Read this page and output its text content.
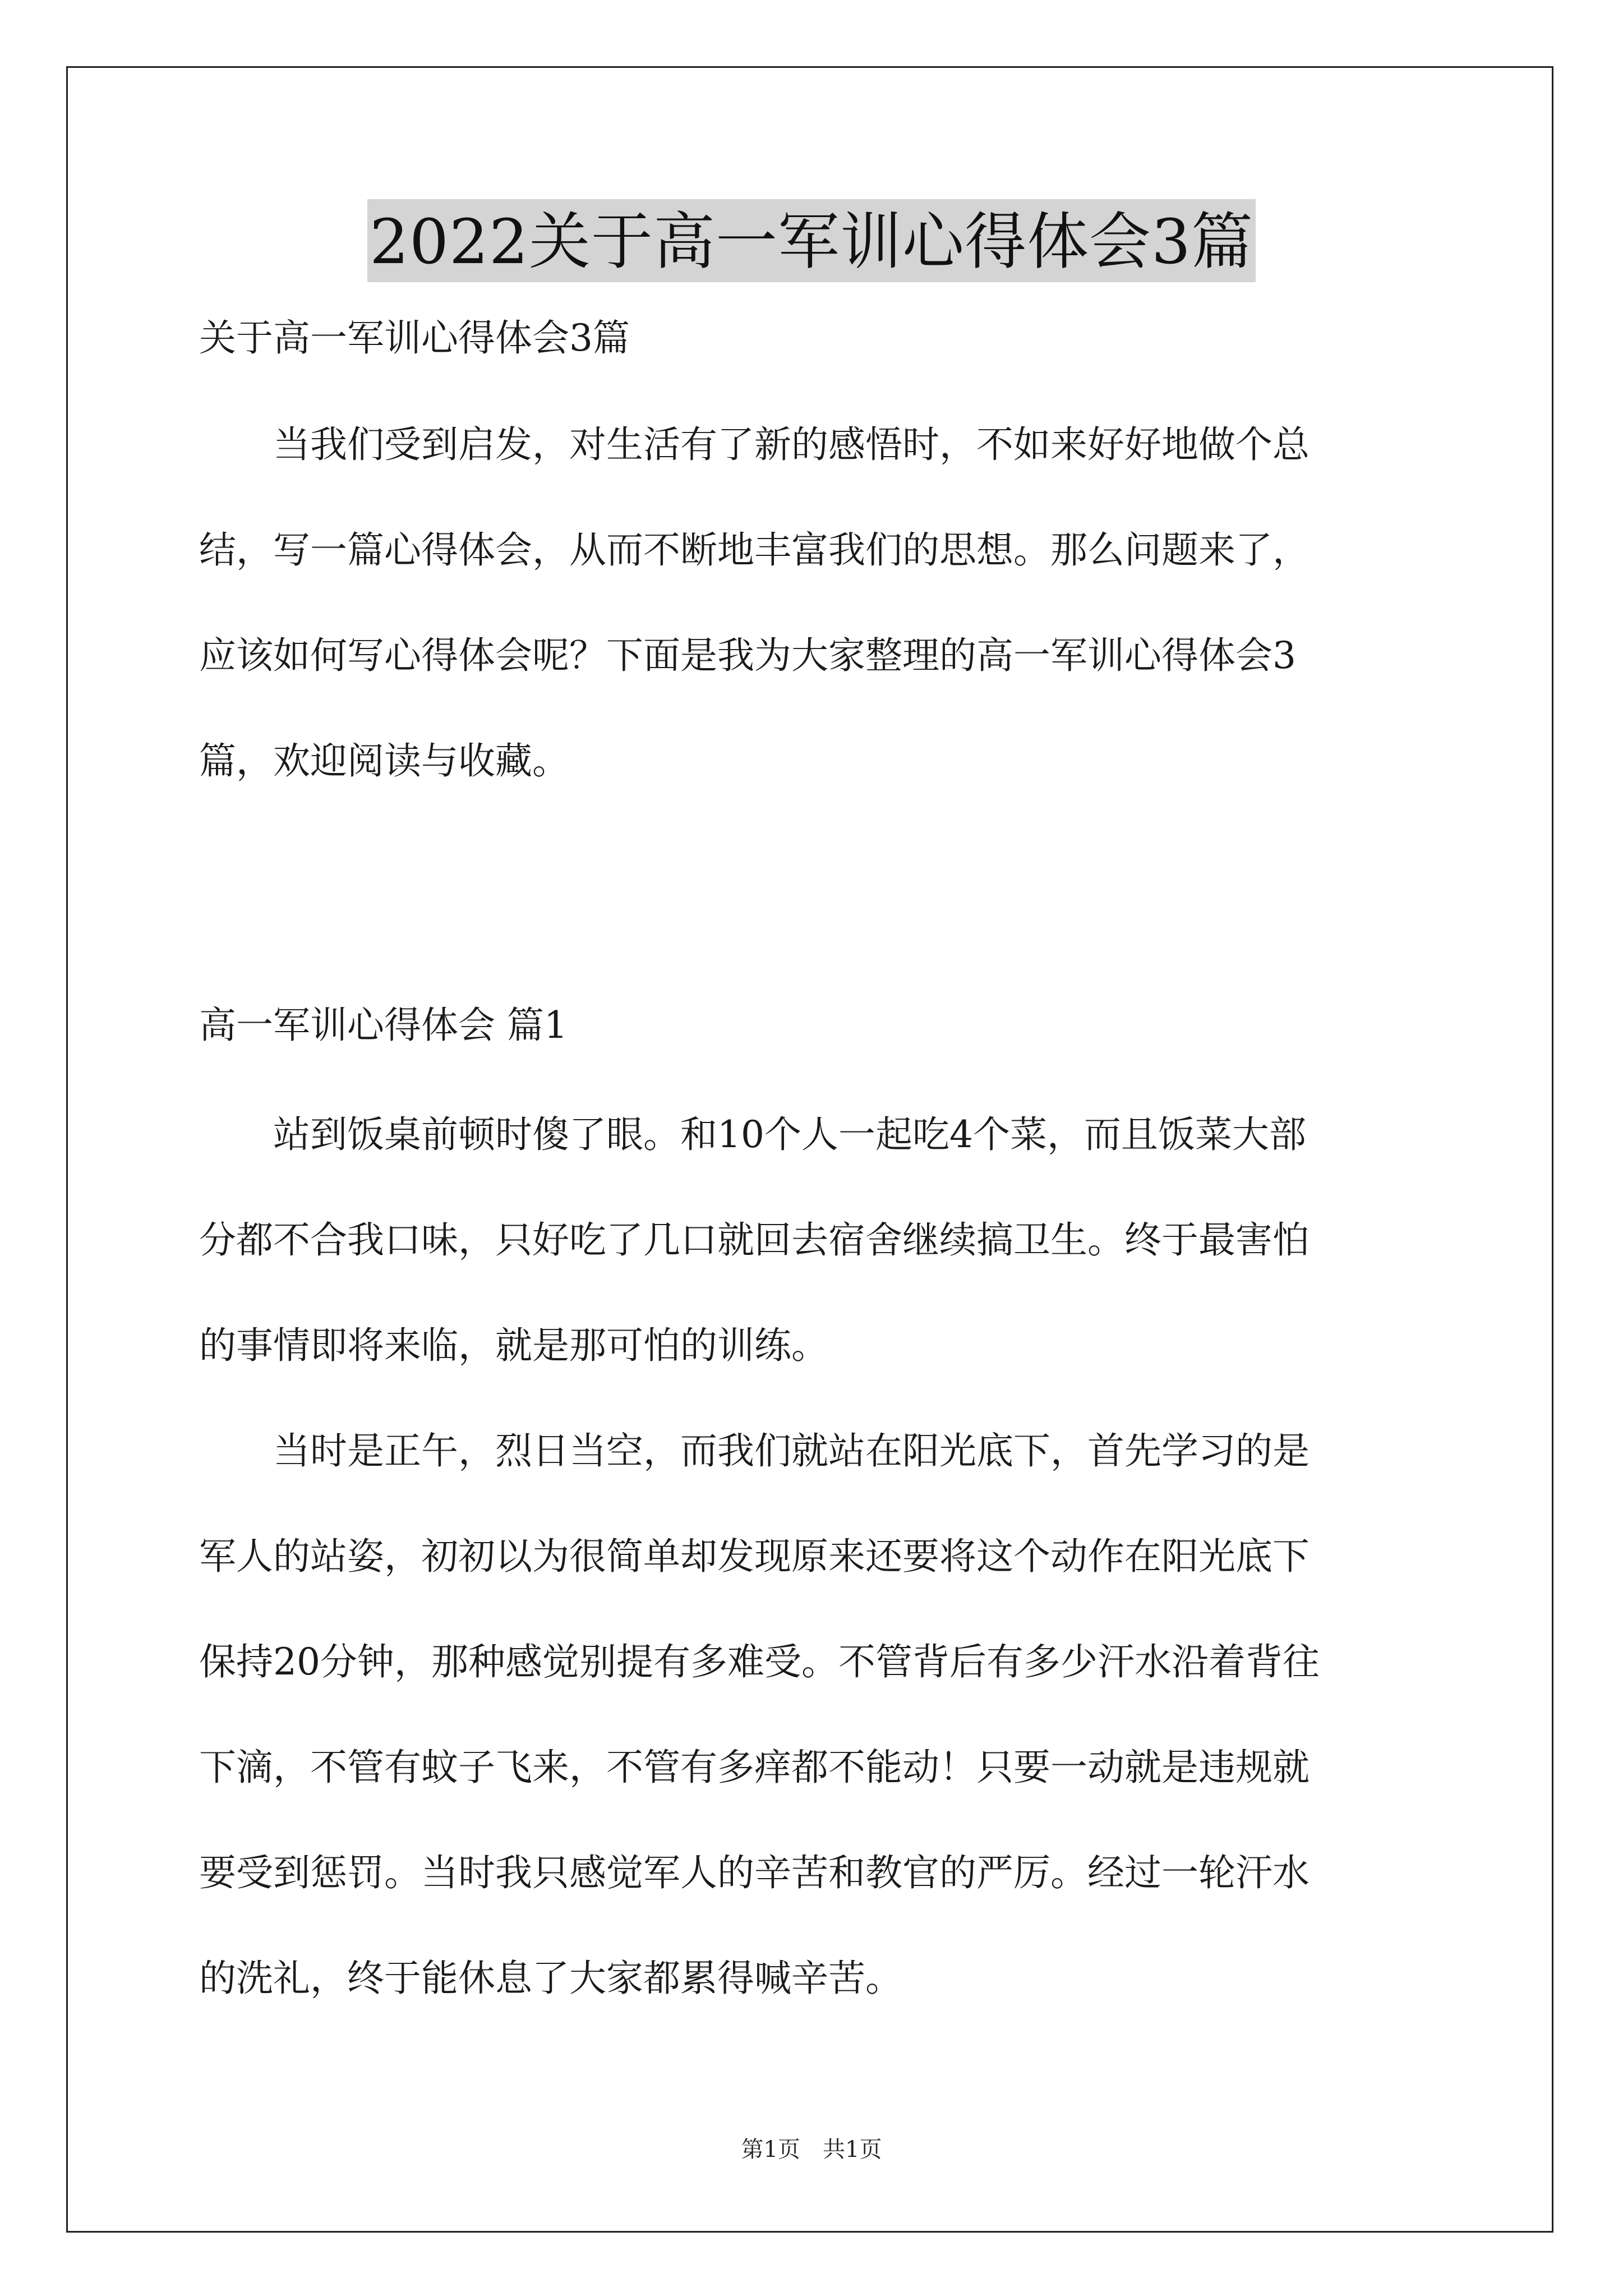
2022关于高一军训心得体会3篇
关于高一军训心得体会3篇
　　当我们受到启发，对生活有了新的感悟时，不如来好好地做个总
结，写一篇心得体会，从而不断地丰富我们的思想。那么问题来了，
应该如何写心得体会呢？下面是我为大家整理的高一军训心得体会3
篇，欢迎阅读与收藏。
高一军训心得体会 篇1
　　站到饭桌前顿时傻了眼。和10个人一起吃4个菜，而且饭菜大部
分都不合我口味，只好吃了几口就回去宿舍继续搞卫生。终于最害怕
的事情即将来临，就是那可怕的训练。
　　当时是正午，烈日当空，而我们就站在阳光底下，首先学习的是
军人的站姿，初初以为很简单却发现原来还要将这个动作在阳光底下
保持20分钟，那种感觉别提有多难受。不管背后有多少汗水沿着背往
下滴，不管有蚊子飞来，不管有多痒都不能动！只要一动就是违规就
要受到惩罚。当时我只感觉军人的辛苦和教官的严厉。经过一轮汗水
的洗礼，终于能休息了大家都累得喊辛苦。
第1页　共1页
